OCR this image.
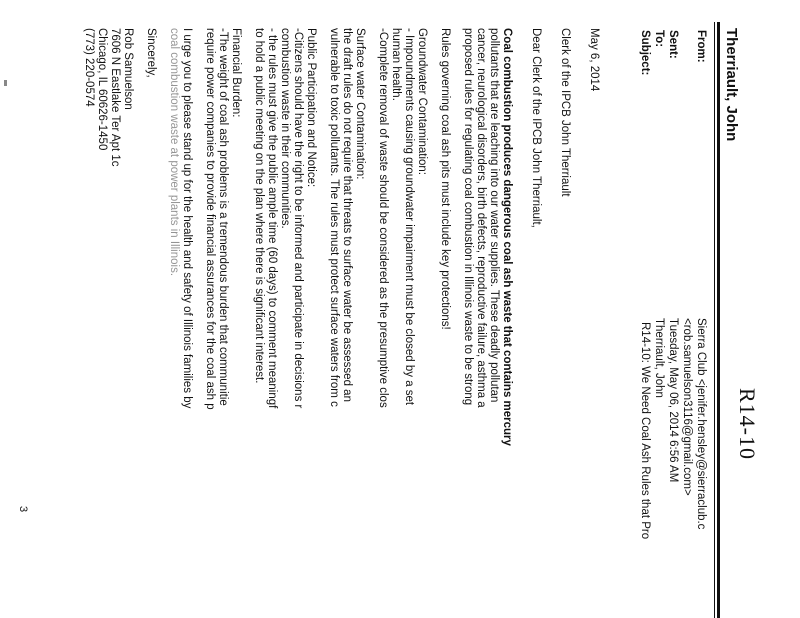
R14-10
Therriault, John
From:
Sierra Club <jenifer.hensley@sierraclub.c
<rob.samuelson3116@gmail.com>
Sent:
Tuesday, May 06, 2014 6:56 AM
To:
Therriault, John
Subject:
R14-10: We Need Coal Ash Rules that Pro

May 6, 2014

Clerk of the IPCB John Therriault

Dear Clerk of the IPCB John Therriault,

Coal combustion produces dangerous coal ash waste that contains mercury

pollutants that are leaching into our water supplies. These deadly pollutan

cancer, neurological disorders, birth defects, reproductive failure, asthma a

proposed rules for regulating coal combustion in Illinois waste to be strong

Rules governing coal ash pits must include key protections!

Groundwater Contamination:

- Impoundments causing groundwater impairment must be closed by a set

human health.

-Complete removal of waste should be considered as the presumptive clos

Surface water Contamination:

the draft rules do not require that threats to surface water be assessed an

vulnerable to toxic pollutants. The rules must protect surface waters from c

Public Participation and Notice:

-Citizens should have the right to be informed and participate in decisions r

combustion waste in their communities.

- the rules must give the public ample time (60 days) to comment meaningf

to hold a public meeting on the plan where there is significant interest.

Financial Burden:

-The weight of coal ash problems is a tremendous burden that communitie

require power companies to provide financial assurances for the coal ash p

I urge you to please stand up for the health and safety of Illinois families by

coal combustion waste at power plants in Illinois.

Sincerely,

Rob Samuelson

7606 N Eastlake Ter Apt 1c

Chicago, IL 60626-1450

(773) 220-0574

3
